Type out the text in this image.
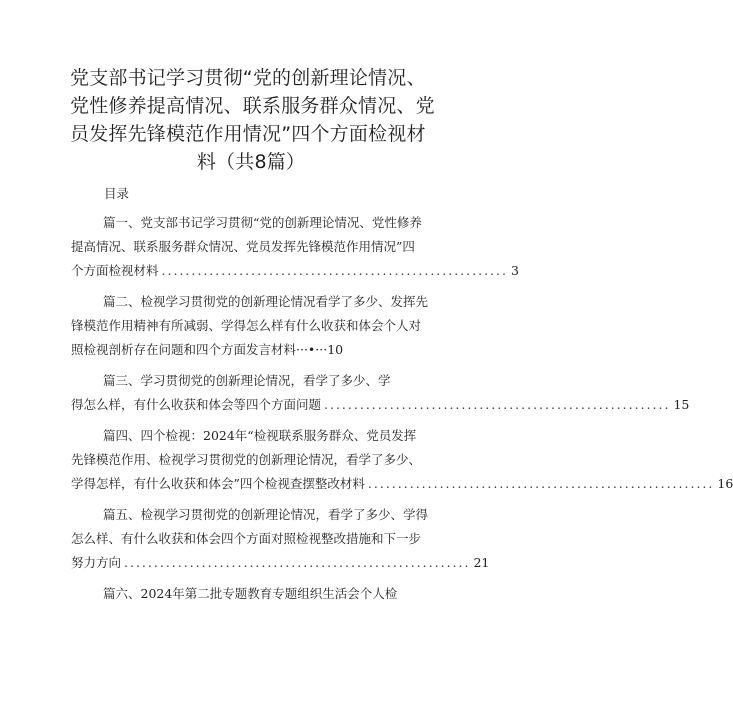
党支部书记学习贯彻“党的创新理论情况、
党性修养提高情况、联系服务群众情况、党
员发挥先锋模范作用情况”四个方面检视材
料（共8篇）
目录
篇一、党支部书记学习贯彻“党的创新理论情况、党性修养
提高情况、联系服务群众情况、党员发挥先锋模范作用情况”四
个方面检视材料 .......................................................... 3
篇二、检视学习贯彻党的创新理论情况看学了多少、发挥先
锋模范作用精神有所减弱、学得怎么样有什么收获和体会个人对
照检视剖析存在问题和四个方面发言材料···•···10
篇三、学习贯彻党的创新理论情况，看学了多少、学
得怎么样，有什么收获和体会等四个方面问题 .......................................................... 15
篇四、四个检视：2024年“检视联系服务群众、党员发挥
先锋模范作用、检视学习贯彻党的创新理论情况，看学了多少、
学得怎样，有什么收获和体会”四个检视查摆整改材料 .......................................................... 16
篇五、检视学习贯彻党的创新理论情况，看学了多少、学得
怎么样、有什么收获和体会四个方面对照检视整改措施和下一步
努力方向 .......................................................... 21
篇六、2024年第二批专题教育专题组织生活会个人检
